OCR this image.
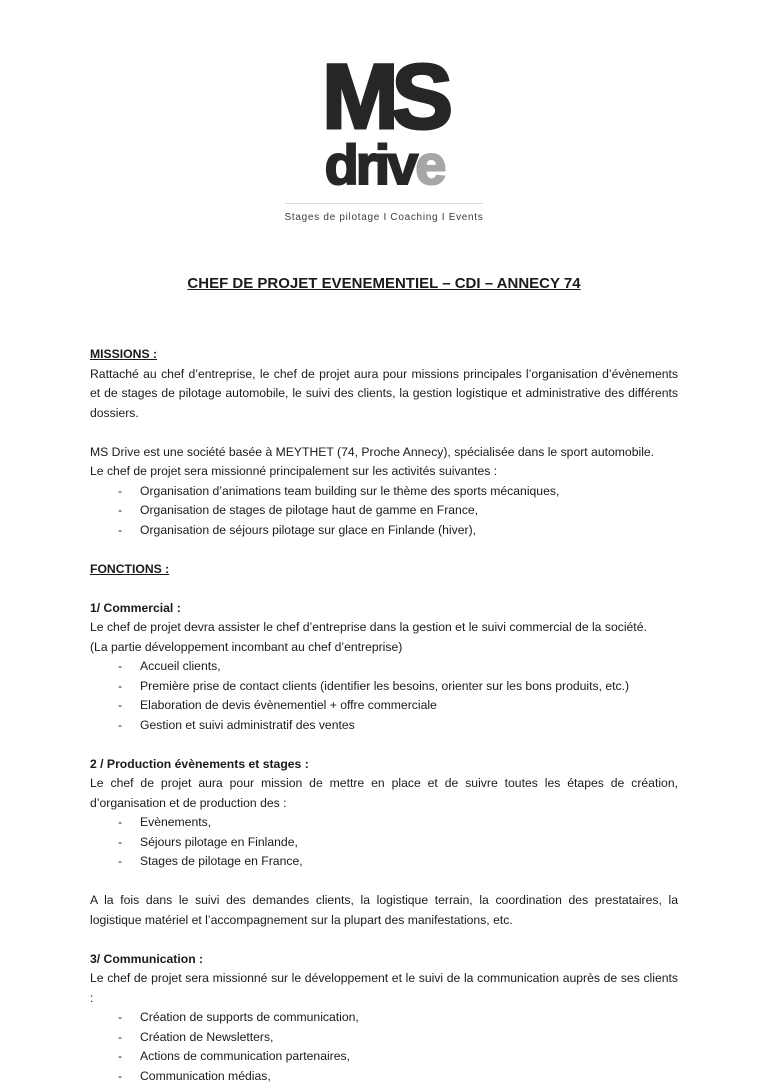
MS
drive
Stages de pilotage I Coaching I Events
CHEF DE PROJET EVENEMENTIEL – CDI – ANNECY 74
MISSIONS :
Rattaché au chef d’entreprise, le chef de projet aura pour missions principales l’organisation d’évènements et de stages de pilotage automobile, le suivi des clients, la gestion logistique et administrative des différents dossiers.
MS Drive est une société basée à MEYTHET (74, Proche Annecy), spécialisée dans le sport automobile.
Le chef de projet sera missionné principalement sur les activités suivantes :
- Organisation d’animations team building sur le thème des sports mécaniques,
- Organisation de stages de pilotage haut de gamme en France,
- Organisation de séjours pilotage sur glace en Finlande (hiver),
FONCTIONS :
1/ Commercial :
Le chef de projet devra assister le chef d’entreprise dans la gestion et le suivi commercial de la société.
(La partie développement incombant au chef d’entreprise)
- Accueil clients,
- Première prise de contact clients (identifier les besoins, orienter sur les bons produits, etc.)
- Elaboration de devis évènementiel + offre commerciale
- Gestion et suivi administratif des ventes
2 / Production évènements et stages :
Le chef de projet aura pour mission de mettre en place et de suivre toutes les étapes de création, d’organisation et de production des :
- Evènements,
- Séjours pilotage en Finlande,
- Stages de pilotage en France,
A la fois dans le suivi des demandes clients, la logistique terrain, la coordination des prestataires, la logistique matériel et l’accompagnement sur la plupart des manifestations, etc.
3/ Communication :
Le chef de projet sera missionné sur le développement et le suivi de la communication auprès de ses clients :
- Création de supports de communication,
- Création de Newsletters,
- Actions de communication partenaires,
- Communication médias,
